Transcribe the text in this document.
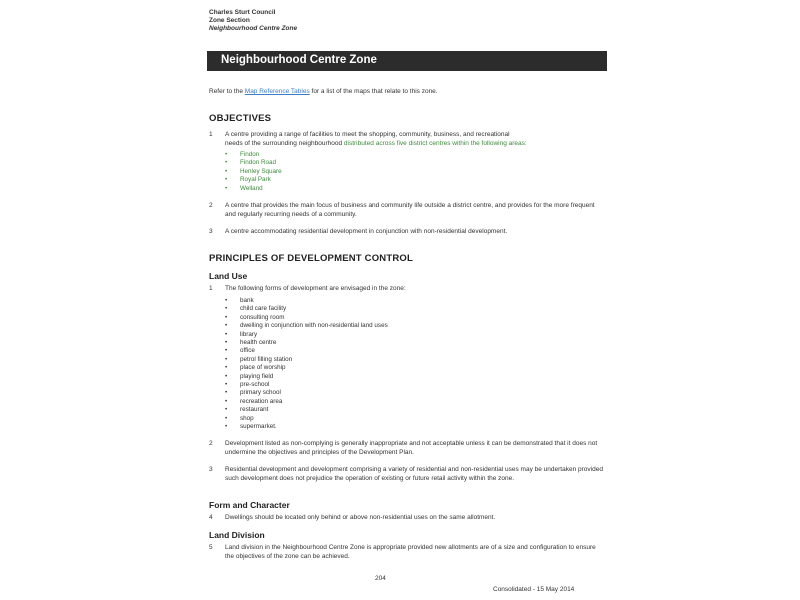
Charles Sturt Council
Zone Section
Neighbourhood Centre Zone
Neighbourhood Centre Zone
Refer to the Map Reference Tables for a list of the maps that relate to this zone.
OBJECTIVES
1 A centre providing a range of facilities to meet the shopping, community, business, and recreational
needs of the surrounding neighbourhood distributed across five district centres within the following areas:
• Findon
• Findon Road
• Henley Square
• Royal Park
• Welland
2 A centre that provides the main focus of business and community life outside a district centre, and provides for the more frequent and regularly recurring needs of a community.
3 A centre accommodating residential development in conjunction with non-residential development.
PRINCIPLES OF DEVELOPMENT CONTROL
Land Use
1 The following forms of development are envisaged in the zone:
• bank
• child care facility
• consulting room
• dwelling in conjunction with non-residential land uses
• library
• health centre
• office
• petrol filling station
• place of worship
• playing field
• pre-school
• primary school
• recreation area
• restaurant
• shop
• supermarket.
2 Development listed as non-complying is generally inappropriate and not acceptable unless it can be demonstrated that it does not undermine the objectives and principles of the Development Plan.
3 Residential development and development comprising a variety of residential and non-residential uses may be undertaken provided such development does not prejudice the operation of existing or future retail activity within the zone.
Form and Character
4 Dwellings should be located only behind or above non-residential uses on the same allotment.
Land Division
5 Land division in the Neighbourhood Centre Zone is appropriate provided new allotments are of a size and configuration to ensure the objectives of the zone can be achieved.
204
Consolidated - 15 May 2014
